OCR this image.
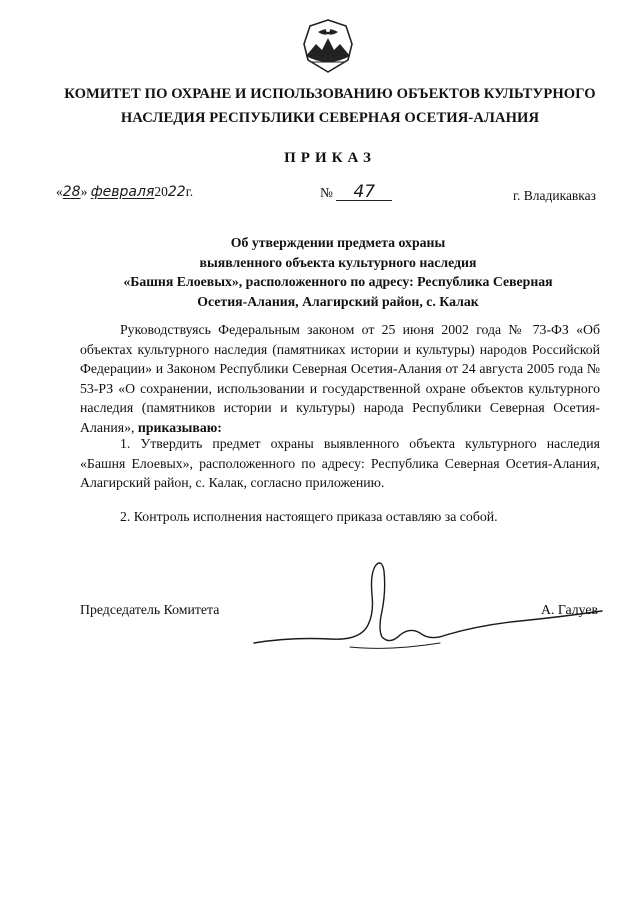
КОМИТЕТ ПО ОХРАНЕ И ИСПОЛЬЗОВАНИЮ ОБЪЕКТОВ КУЛЬТУРНОГО
НАСЛЕДИЯ РЕСПУБЛИКИ СЕВЕРНАЯ ОСЕТИЯ-АЛАНИЯ
ПРИКАЗ
«28» февраля2022г.	№ 47	г. Владикавказ
Об утверждении предмета охраны
выявленного объекта культурного наследия
«Башня Елоевых», расположенного по адресу: Республика Северная
Осетия-Алания, Алагирский район, с. Калак
Руководствуясь Федеральным законом от 25 июня 2002 года № 73-ФЗ «Об объектах культурного наследия (памятниках истории и культуры) народов Российской Федерации» и Законом Республики Северная Осетия-Алания от 24 августа 2005 года № 53-РЗ «О сохранении, использовании и государственной охране объектов культурного наследия (памятников истории и культуры) народа Республики Северная Осетия-Алания», приказываю:
1. Утвердить предмет охраны выявленного объекта культурного наследия «Башня Елоевых», расположенного по адресу: Республика Северная Осетия-Алания, Алагирский район, с. Калак, согласно приложению.
2. Контроль исполнения настоящего приказа оставляю за собой.
Председатель Комитета	А. Галуев
